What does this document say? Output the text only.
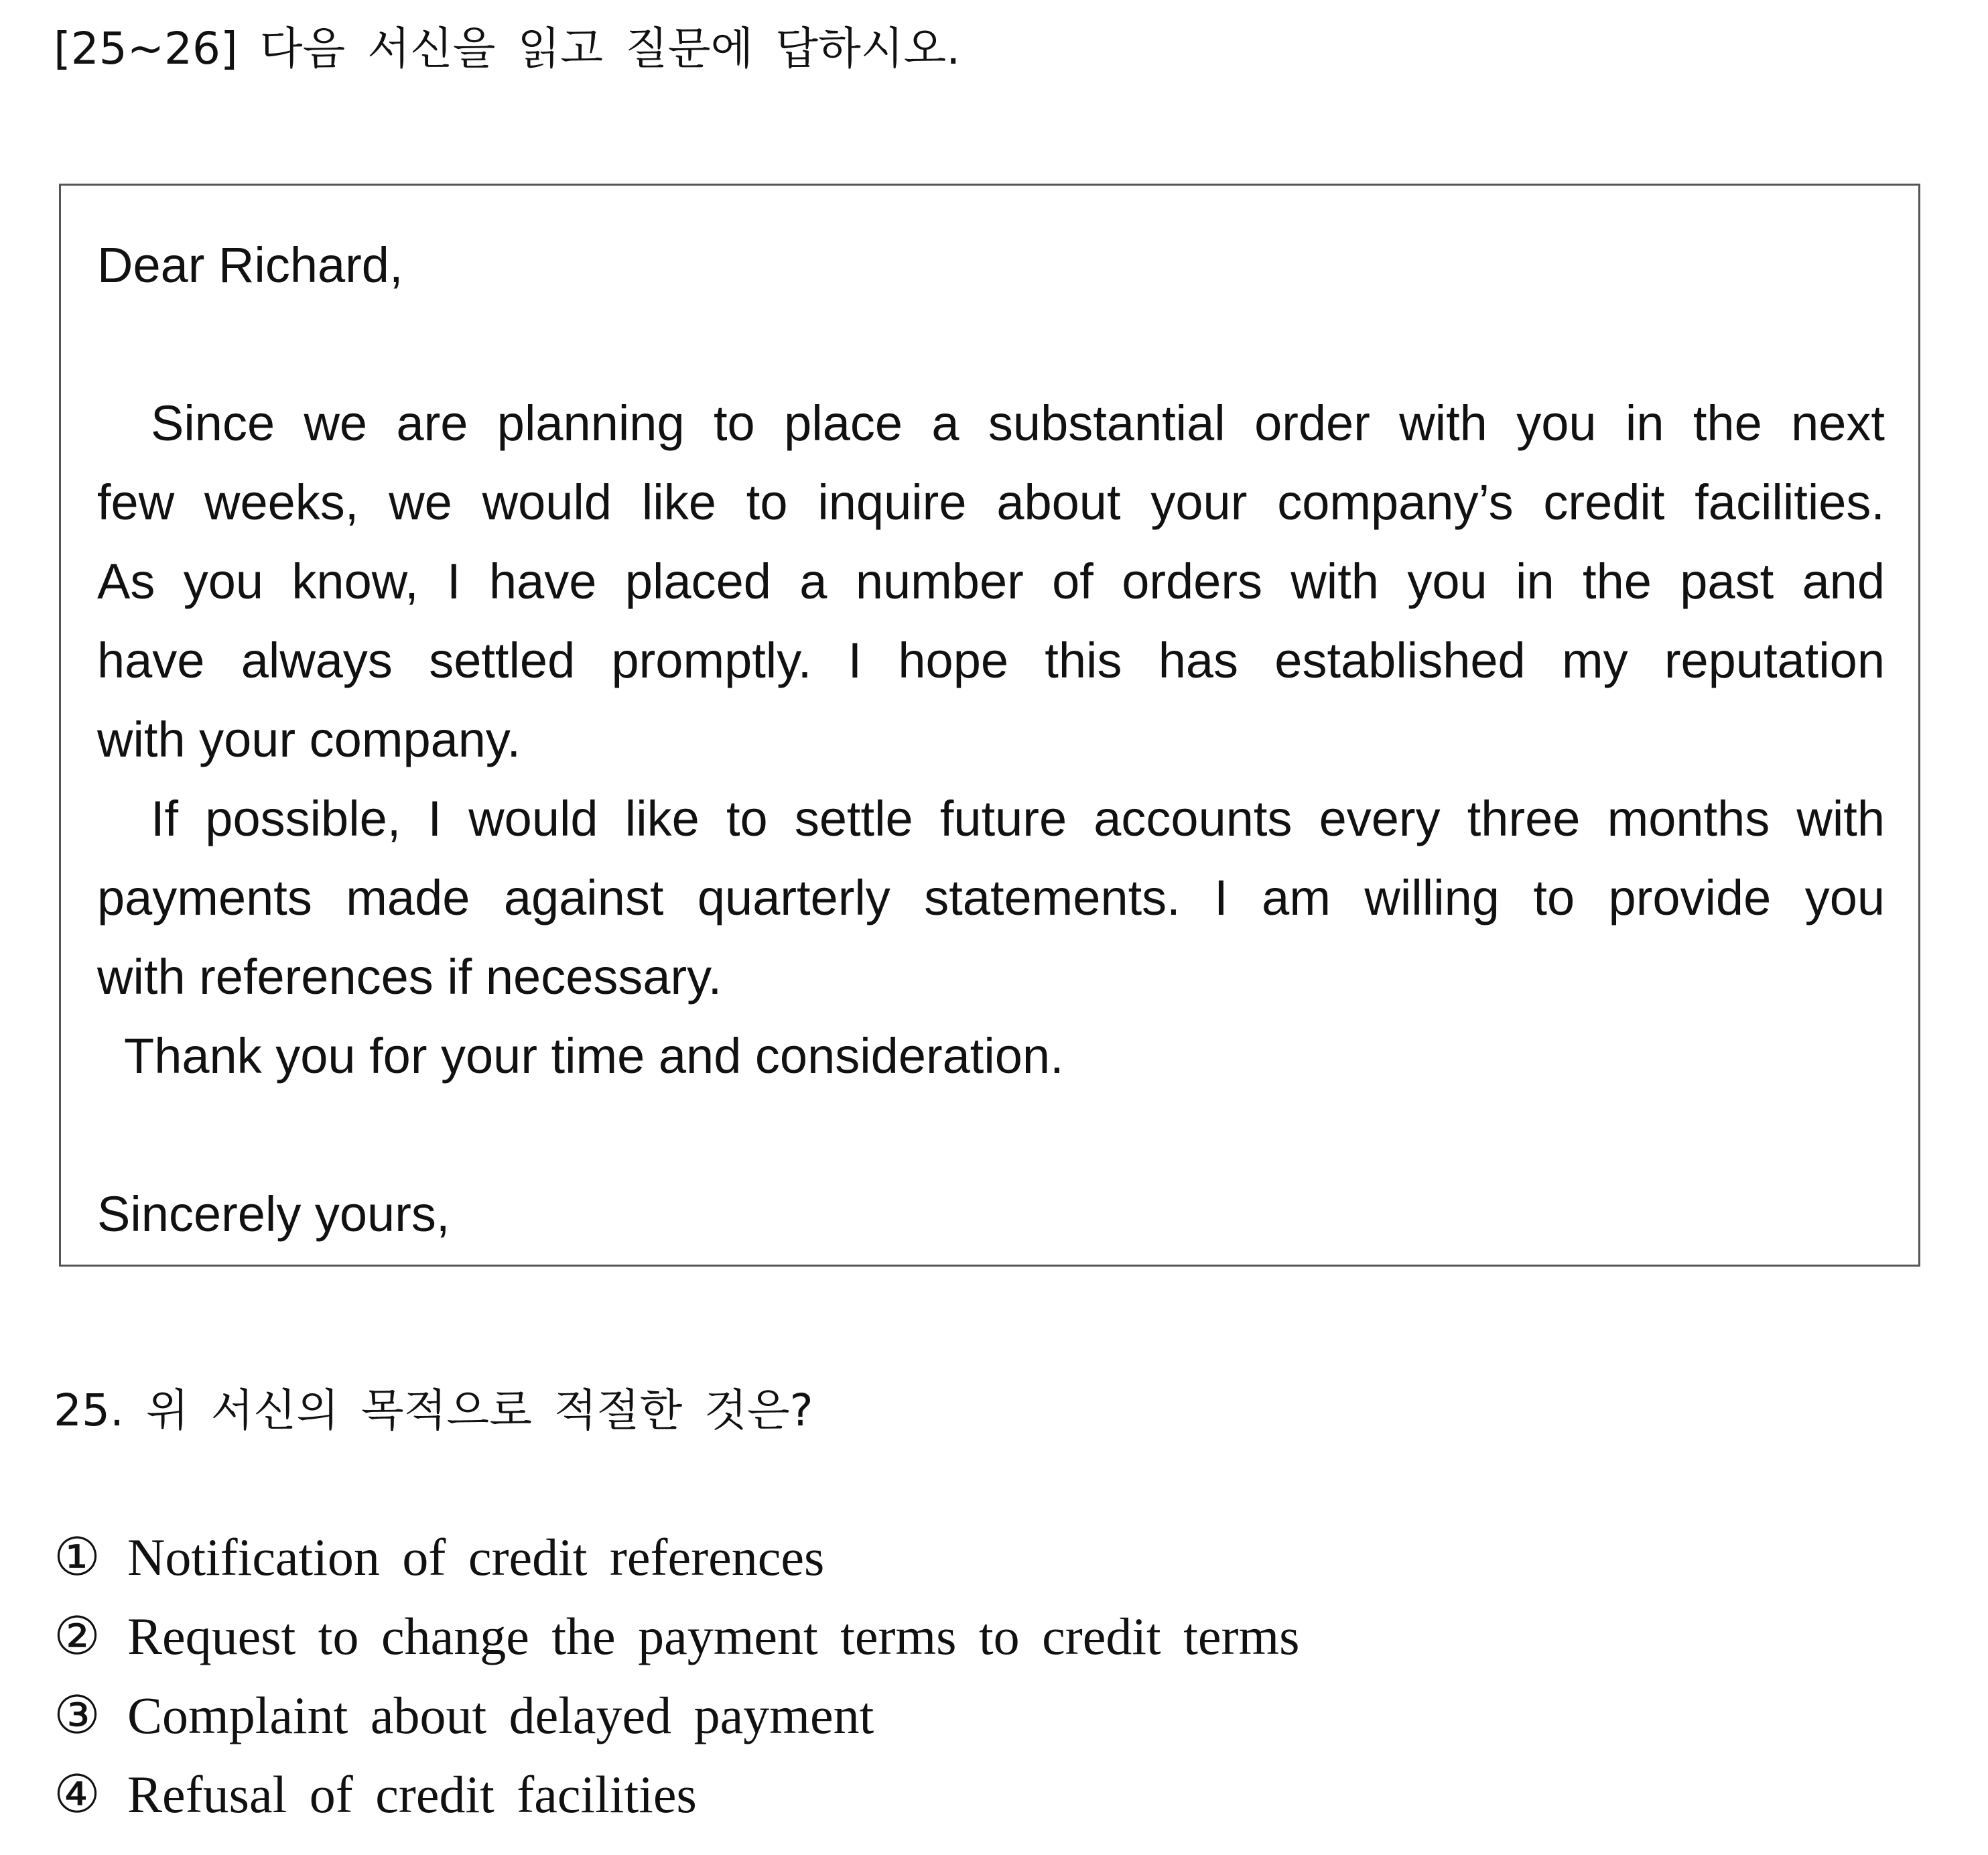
[25~26] 다음 서신을 읽고 질문에 답하시오.
Dear Richard,
Since we are planning to place a substantial order with you in the next
few weeks, we would like to inquire about your company’s credit facilities.
As you know, I have placed a number of orders with you in the past and
have always settled promptly. I hope this has established my reputation
with your company.
If possible, I would like to settle future accounts every three months with
payments made against quarterly statements. I am willing to provide you
with references if necessary.
Thank you for your time and consideration.
Sincerely yours,
25. 위 서신의 목적으로 적절한 것은?
① Notification of credit references
② Request to change the payment terms to credit terms
③ Complaint about delayed payment
④ Refusal of credit facilities
